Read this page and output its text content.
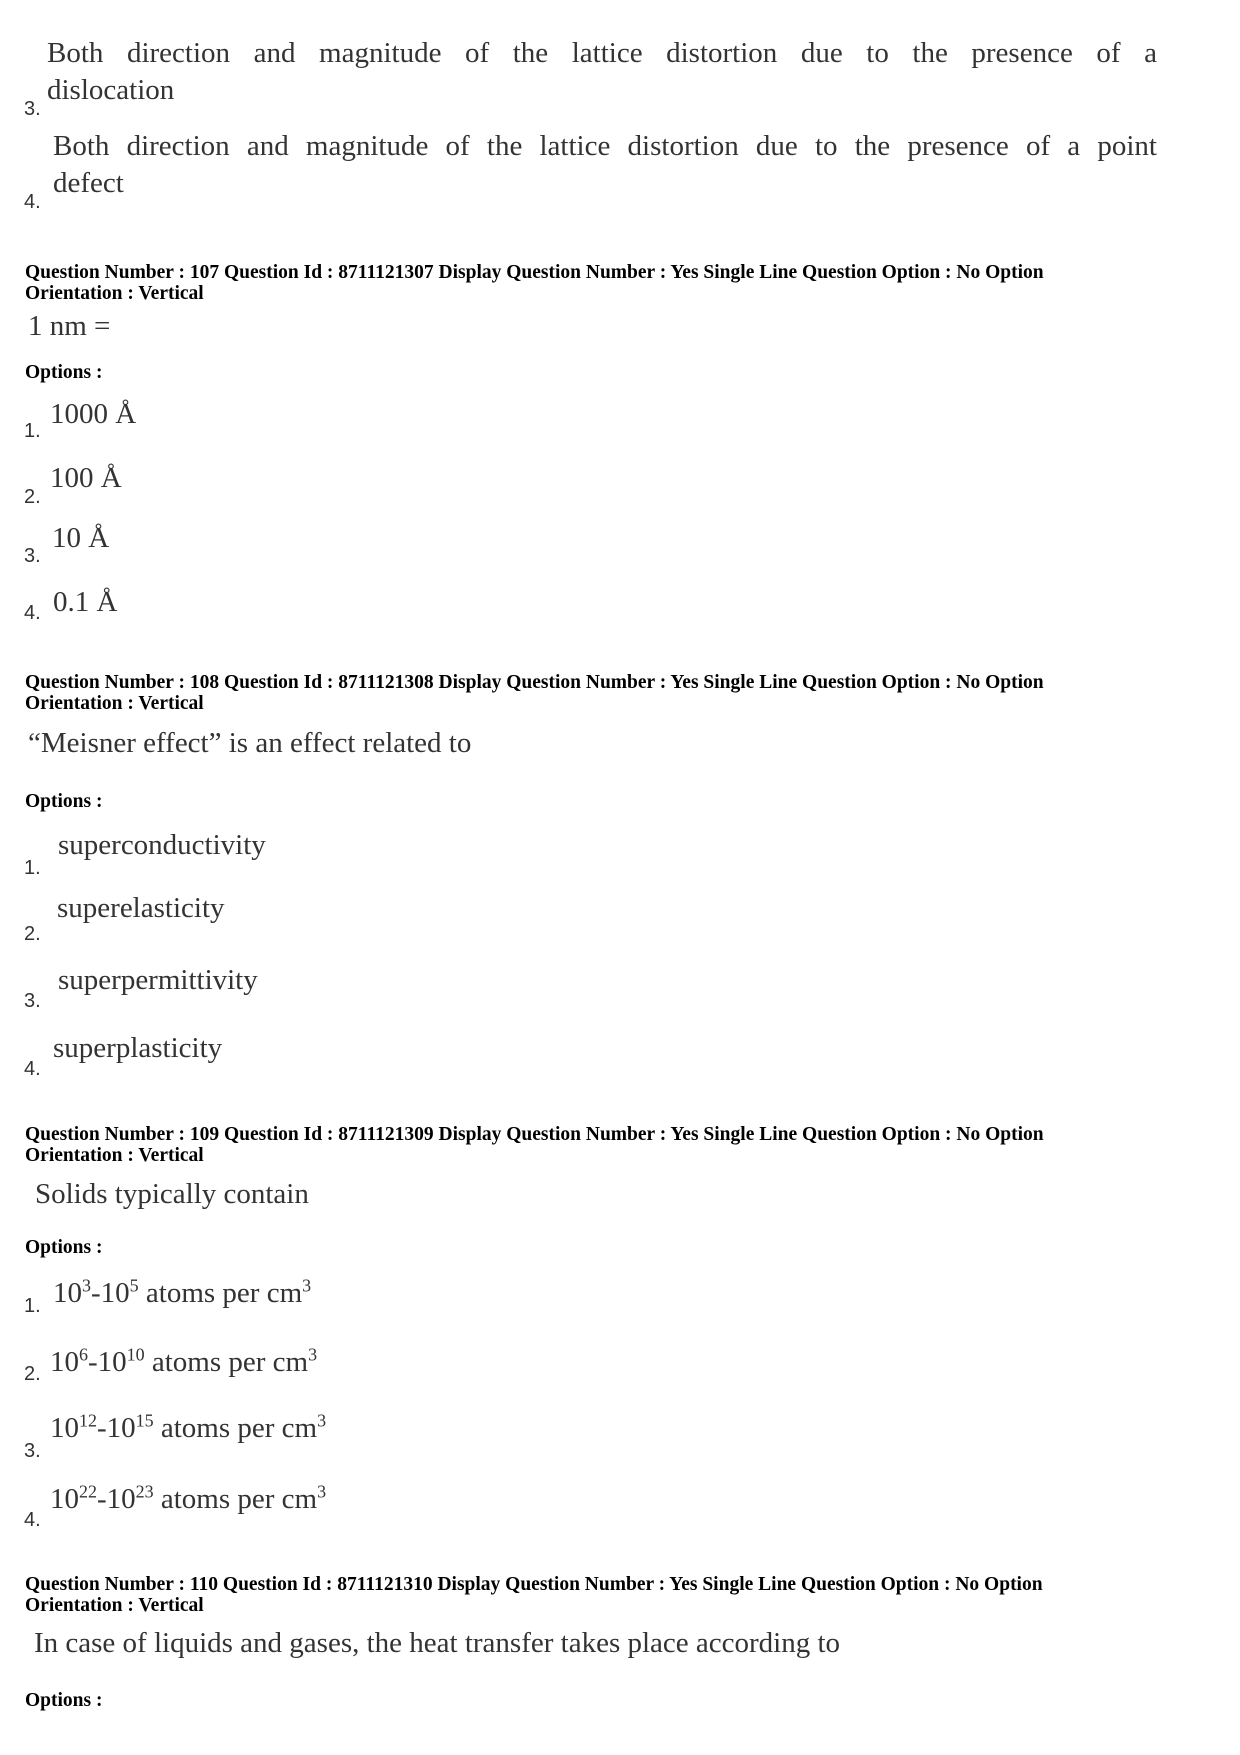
Both direction and magnitude of the lattice distortion due to the presence of a
dislocation
3.
Both direction and magnitude of the lattice distortion due to the presence of a point
defect
4.
Question Number : 107 Question Id : 8711121307 Display Question Number : Yes Single Line Question Option : No Option
Orientation : Vertical
1 nm =
Options :
1000 Å
1.
100 Å
2.
10 Å
3.
0.1 Å
4.
Question Number : 108 Question Id : 8711121308 Display Question Number : Yes Single Line Question Option : No Option
Orientation : Vertical
“Meisner effect” is an effect related to
Options :
superconductivity
1.
superelasticity
2.
superpermittivity
3.
superplasticity
4.
Question Number : 109 Question Id : 8711121309 Display Question Number : Yes Single Line Question Option : No Option
Orientation : Vertical
Solids typically contain
Options :
$10^3-10^5$ atoms per $cm^3$
1.
$10^6-10^{10}$ atoms per $cm^3$
2.
$10^{12}-10^{15}$ atoms per $cm^3$
3.
$10^{22}-10^{23}$ atoms per $cm^3$
4.
Question Number : 110 Question Id : 8711121310 Display Question Number : Yes Single Line Question Option : No Option
Orientation : Vertical
In case of liquids and gases, the heat transfer takes place according to
Options :
